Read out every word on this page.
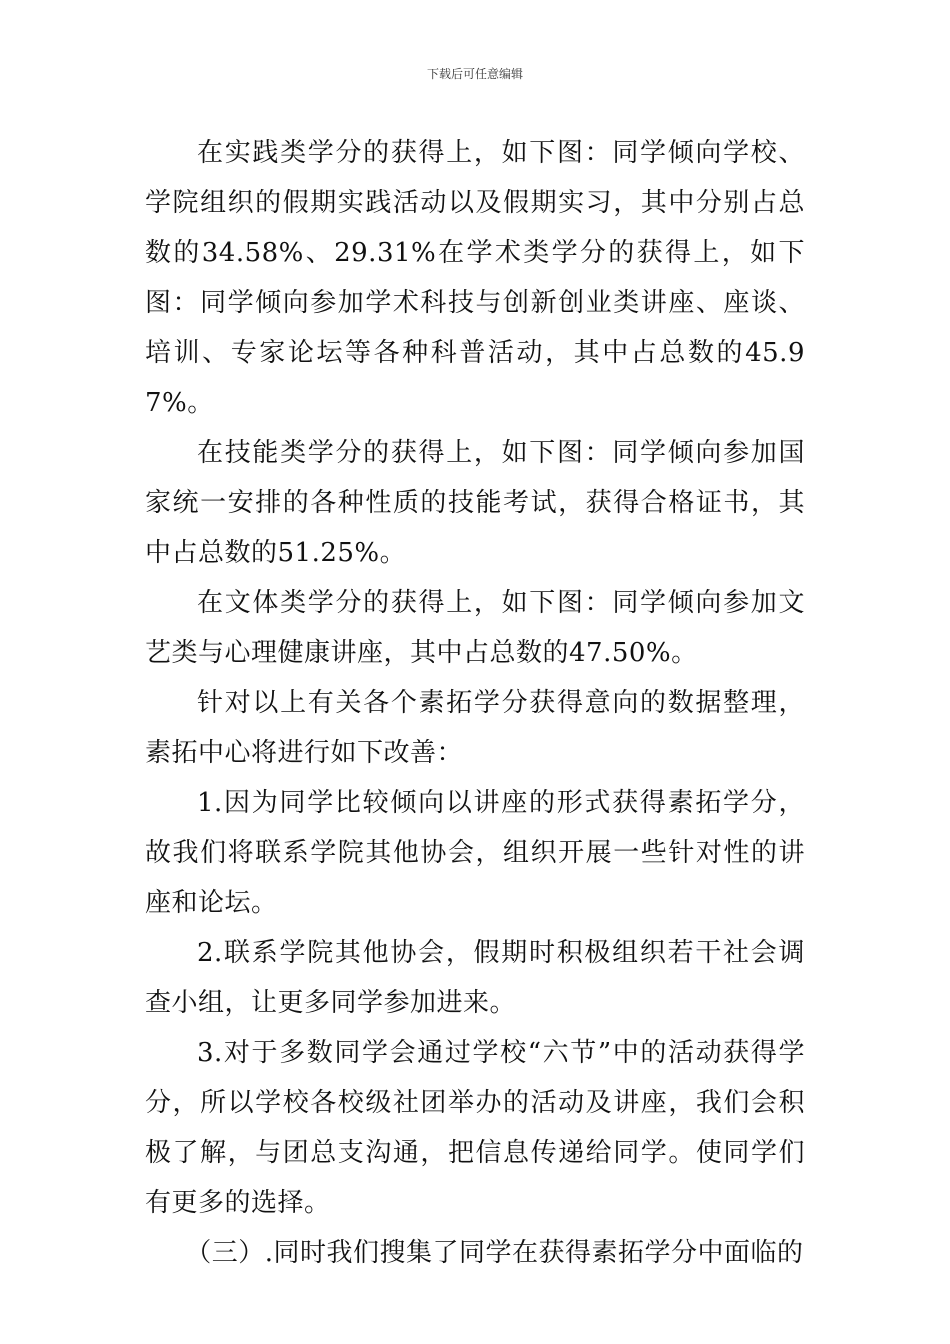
下载后可任意编辑

在实践类学分的获得上，如下图：同学倾向学校、学院组织的假期实践活动以及假期实习，其中分别占总数的34.58%、29.31%在学术类学分的获得上，如下图：同学倾向参加学术科技与创新创业类讲座、座谈、培训、专家论坛等各种科普活动，其中占总数的45.97%。

在技能类学分的获得上，如下图：同学倾向参加国家统一安排的各种性质的技能考试，获得合格证书，其中占总数的51.25%。

在文体类学分的获得上，如下图：同学倾向参加文艺类与心理健康讲座，其中占总数的47.50%。

针对以上有关各个素拓学分获得意向的数据整理，素拓中心将进行如下改善：

1.因为同学比较倾向以讲座的形式获得素拓学分，故我们将联系学院其他协会，组织开展一些针对性的讲座和论坛。

2.联系学院其他协会，假期时积极组织若干社会调查小组，让更多同学参加进来。

3.对于多数同学会通过学校“六节”中的活动获得学分，所以学校各校级社团举办的活动及讲座，我们会积极了解，与团总支沟通，把信息传递给同学。使同学们有更多的选择。

（三）.同时我们搜集了同学在获得素拓学分中面临的
